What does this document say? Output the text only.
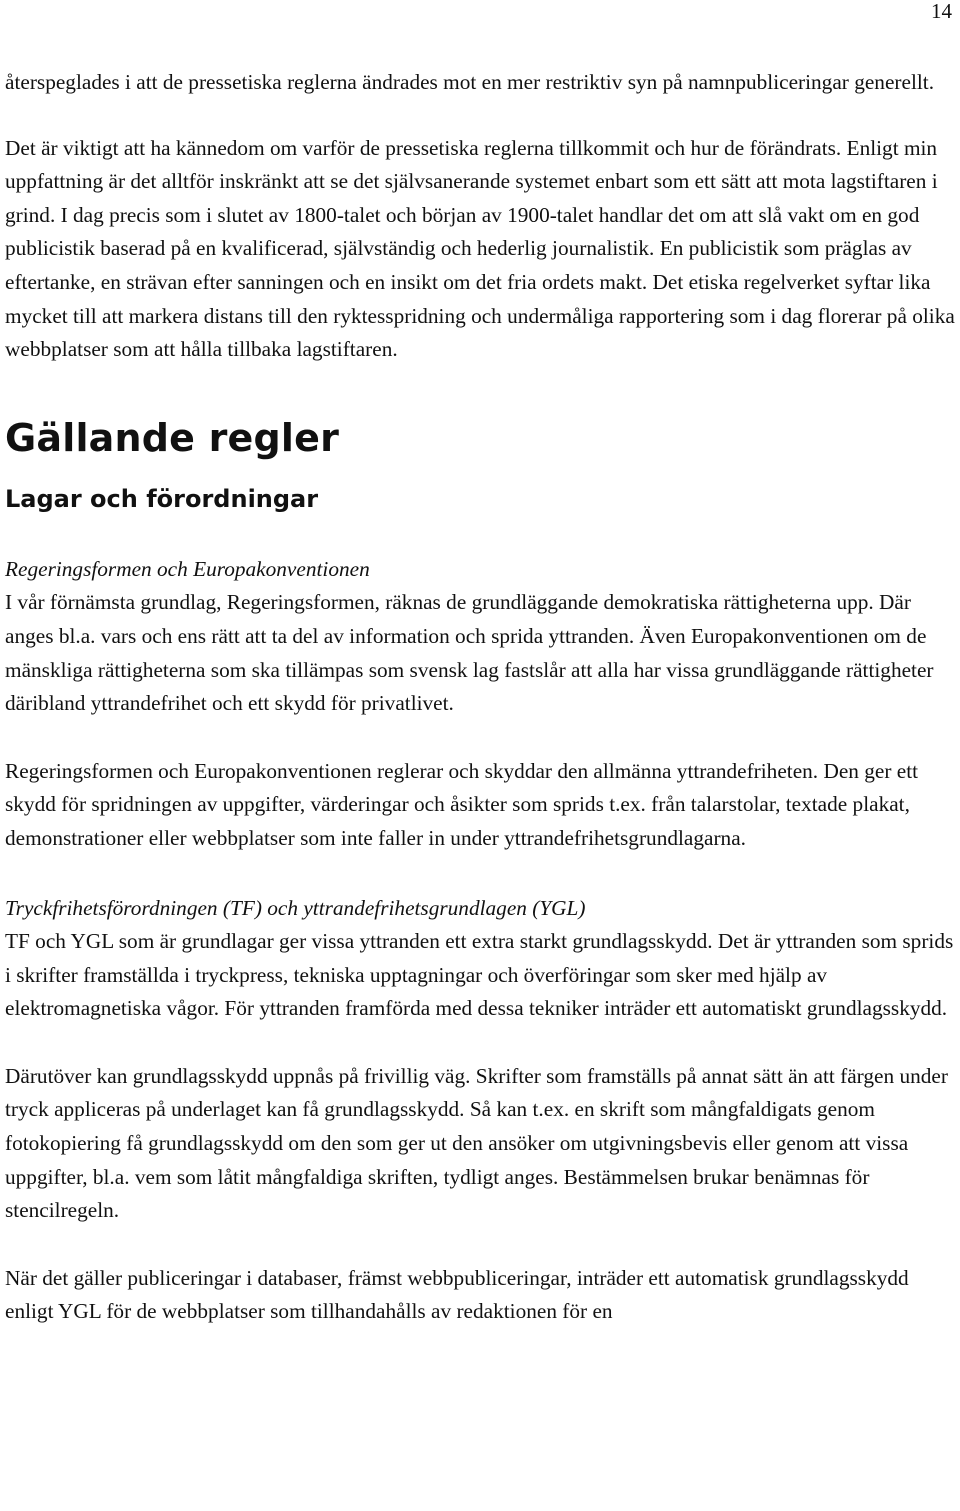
14

återspeglades i att de pressetiska reglerna ändrades mot en mer restriktiv syn på namnpubliceringar generellt.

Det är viktigt att ha kännedom om varför de pressetiska reglerna tillkommit och hur de förändrats. Enligt min uppfattning är det alltför inskränkt att se det självsanerande systemet enbart som ett sätt att mota lagstiftaren i grind. I dag precis som i slutet av 1800-talet och början av 1900-talet handlar det om att slå vakt om en god publicistik baserad på en kvalificerad, självständig och hederlig journalistik. En publicistik som präglas av eftertanke, en strävan efter sanningen och en insikt om det fria ordets makt. Det etiska regelverket syftar lika mycket till att markera distans till den ryktesspridning och undermåliga rapportering som i dag florerar på olika webbplatser som att hålla tillbaka lagstiftaren.

Gällande regler
Lagar och förordningar

Regeringsformen och Europakonventionen

I vår förnämsta grundlag, Regeringsformen, räknas de grundläggande demokratiska rättigheterna upp. Där anges bl.a. vars och ens rätt att ta del av information och sprida yttranden. Även Europakonventionen om de mänskliga rättigheterna som ska tillämpas som svensk lag fastslår att alla har vissa grundläggande rättigheter däribland yttrandefrihet och ett skydd för privatlivet.

Regeringsformen och Europakonventionen reglerar och skyddar den allmänna yttrandefriheten. Den ger ett skydd för spridningen av uppgifter, värderingar och åsikter som sprids t.ex. från talarstolar, textade plakat, demonstrationer eller webbplatser som inte faller in under yttrandefrihetsgrundlagarna.

Tryckfrihetsförordningen (TF) och yttrandefrihetsgrundlagen (YGL)

TF och YGL som är grundlagar ger vissa yttranden ett extra starkt grundlagsskydd. Det är yttranden som sprids i skrifter framställda i tryckpress, tekniska upptagningar och överföringar som sker med hjälp av elektromagnetiska vågor. För yttranden framförda med dessa tekniker inträder ett automatiskt grundlagsskydd.

Därutöver kan grundlagsskydd uppnås på frivillig väg. Skrifter som framställs på annat sätt än att färgen under tryck appliceras på underlaget kan få grundlagsskydd. Så kan t.ex. en skrift som mångfaldigats genom fotokopiering få grundlagsskydd om den som ger ut den ansöker om utgivningsbevis eller genom att vissa uppgifter, bl.a. vem som låtit mångfaldiga skriften, tydligt anges. Bestämmelsen brukar benämnas för stencilregeln.

När det gäller publiceringar i databaser, främst webbpubliceringar, inträder ett automatisk grundlagsskydd enligt YGL för de webbplatser som tillhandahålls av redaktionen för en
